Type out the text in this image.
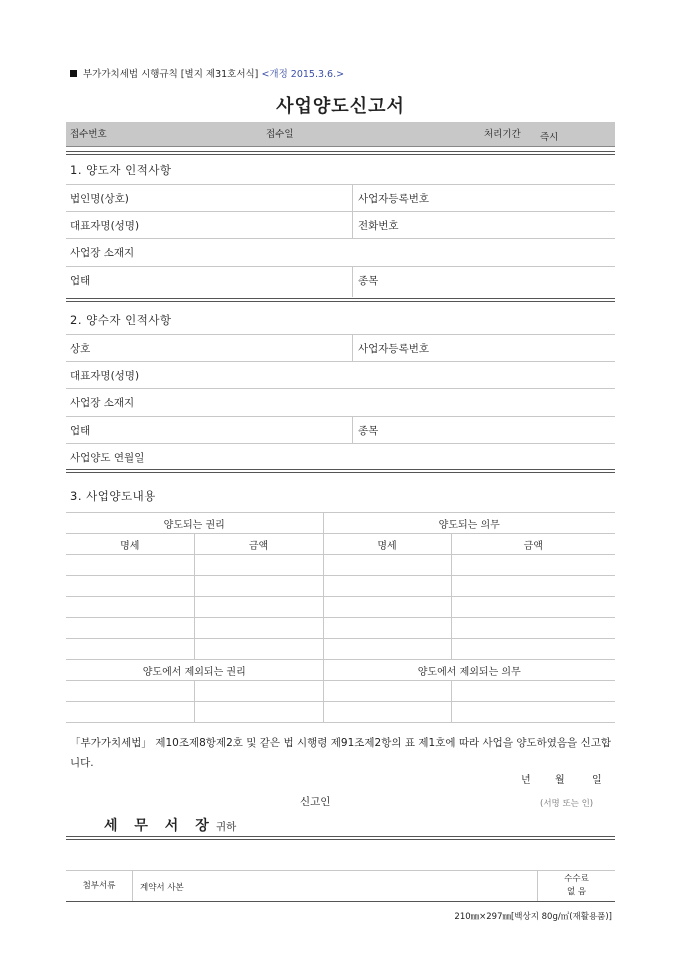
부가가치세법 시행규칙 [별지 제31호서식] <개정 2015.3.6.>
사업양도신고서
접수번호	접수일	처리기간 즉시
1. 양도자 인적사항
법인명(상호)	사업자등록번호
대표자명(성명)	전화번호
사업장 소재지
업태	종목
2. 양수자 인적사항
상호	사업자등록번호
대표자명(성명)
사업장 소재지
업태	종목
사업양도 연월일
3. 사업양도내용
양도되는 권리		양도되는 의무	
명세	금액	명세	금액

양도에서 제외되는 권리		양도에서 제외되는 의무	

「부가가치세법」 제10조제8항제2호 및 같은 법 시행령 제91조제2항의 표 제1호에 따라 사업을 양도하였음을 신고합니다.
년 월	일
신고인	(서명 또는 인)
세 무 서 장 귀하
첨부서류	계약서 사본
수수료
없 음
210㎜×297㎜[백상지 80g/㎡(재활용품)]
